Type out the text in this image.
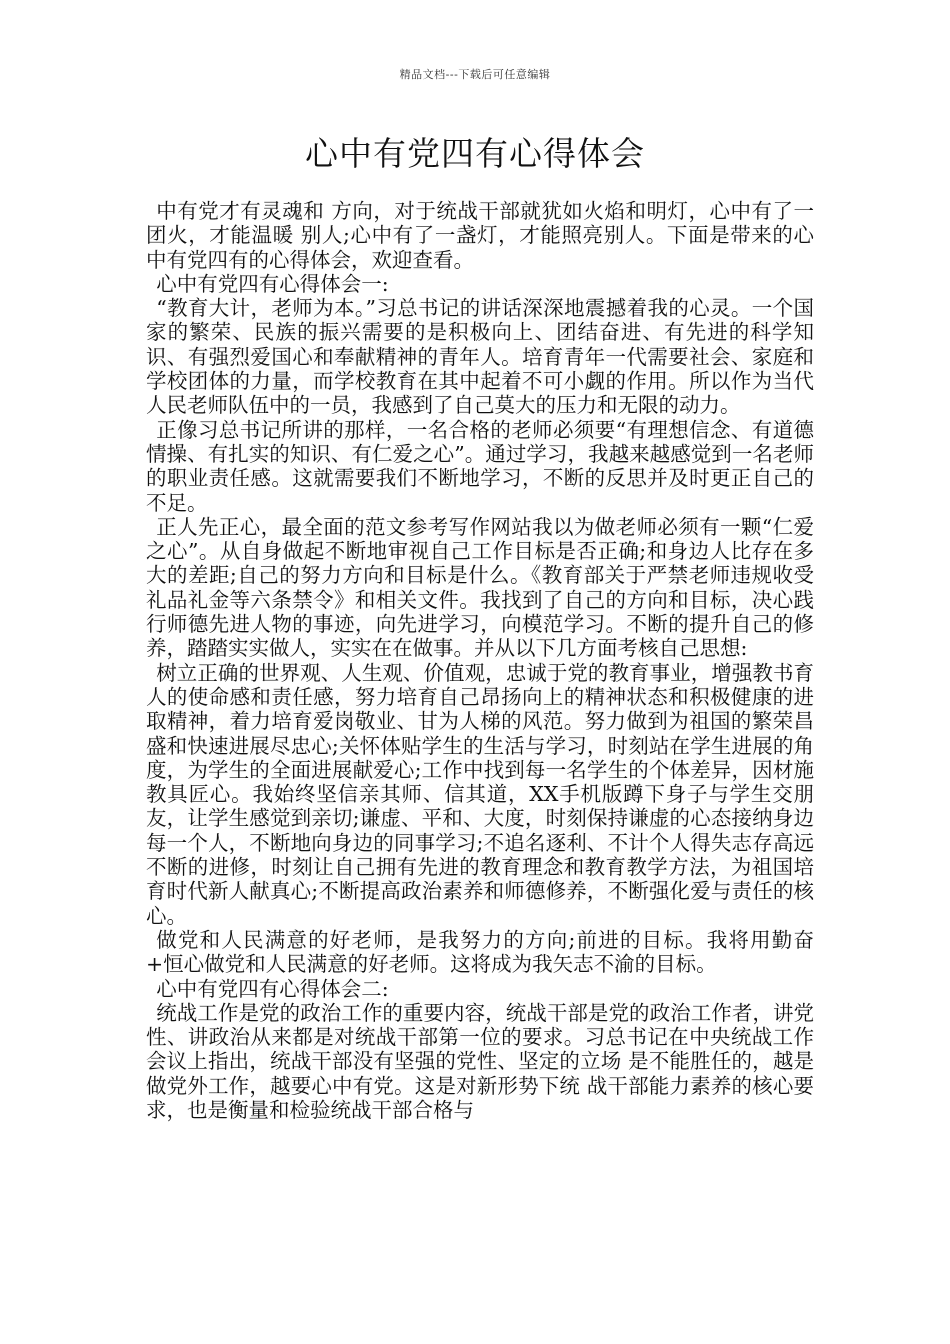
精品文档---下载后可任意编辑
心中有党四有心得体会

中有党才有灵魂和 方向，对于统战干部就犹如火焰和明灯，心中有了一团火，才能温暖 别人;心中有了一盏灯，才能照亮别人。下面是带来的心中有党四有的心得体会，欢迎查看。

心中有党四有心得体会一:

“教育大计，老师为本。”习总书记的讲话深深地震撼着我的心灵。一个国家的繁荣、民族的振兴需要的是积极向上、团结奋进、有先进的科学知识、有强烈爱国心和奉献精神的青年人。培育青年一代需要社会、家庭和学校团体的力量，而学校教育在其中起着不可小觑的作用。所以作为当代人民老师队伍中的一员，我感到了自己莫大的压力和无限的动力。

正像习总书记所讲的那样，一名合格的老师必须要“有理想信念、有道德情操、有扎实的知识、有仁爱之心”。通过学习，我越来越感觉到一名老师的职业责任感。这就需要我们不断地学习，不断的反思并及时更正自己的不足。

正人先正心，最全面的范文参考写作网站我以为做老师必须有一颗“仁爱之心”。从自身做起不断地审视自己工作目标是否正确;和身边人比存在多大的差距;自己的努力方向和目标是什么。《教育部关于严禁老师违规收受礼品礼金等六条禁令》和相关文件。我找到了自己的方向和目标，决心践行师德先进人物的事迹，向先进学习，向模范学习。不断的提升自己的修养，踏踏实实做人，实实在在做事。并从以下几方面考核自己思想:

树立正确的世界观、人生观、价值观，忠诚于党的教育事业，增强教书育人的使命感和责任感，努力培育自己昂扬向上的精神状态和积极健康的进取精神，着力培育爱岗敬业、甘为人梯的风范。努力做到为祖国的繁荣昌盛和快速进展尽忠心;关怀体贴学生的生活与学习，时刻站在学生进展的角度，为学生的全面进展献爱心;工作中找到每一名学生的个体差异，因材施教具匠心。我始终坚信亲其师、信其道，XX手机版蹲下身子与学生交朋友，让学生感觉到亲切;谦虚、平和、大度，时刻保持谦虚的心态接纳身边每一个人，不断地向身边的同事学习;不追名逐利、不计个人得失志存高远不断的进修，时刻让自己拥有先进的教育理念和教育教学方法，为祖国培育时代新人献真心;不断提高政治素养和师德修养，不断强化爱与责任的核心。

做党和人民满意的好老师，是我努力的方向;前进的目标。我将用勤奋+恒心做党和人民满意的好老师。这将成为我矢志不渝的目标。

心中有党四有心得体会二:

统战工作是党的政治工作的重要内容，统战干部是党的政治工作者，讲党性、讲政治从来都是对统战干部第一位的要求。习总书记在中央统战工作会议上指出，统战干部没有坚强的党性、坚定的立场 是不能胜任的，越是做党外工作，越要心中有党。这是对新形势下统 战干部能力素养的核心要求，也是衡量和检验统战干部合格与
